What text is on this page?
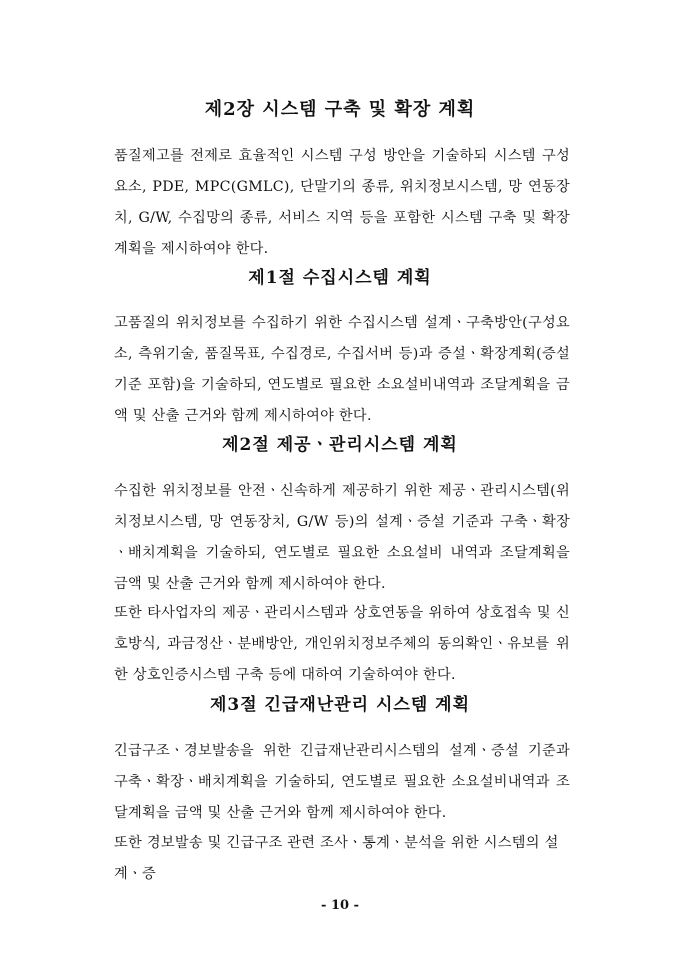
제2장 시스템 구축 및 확장 계획

품질제고를 전제로 효율적인 시스템 구성 방안을 기술하되 시스템 구성요소, PDE, MPC(GMLC), 단말기의 종류, 위치정보시스템, 망 연동장치, G/W, 수집망의 종류, 서비스 지역 등을 포함한 시스템 구축 및 확장 계획을 제시하여야 한다.

제1절 수집시스템 계획

고품질의 위치정보를 수집하기 위한 수집시스템 설계ㆍ구축방안(구성요소, 측위기술, 품질목표, 수집경로, 수집서버 등)과 증설ㆍ확장계획(증설기준 포함)을 기술하되, 연도별로 필요한 소요설비내역과 조달계획을 금액 및 산출 근거와 함께 제시하여야 한다.

제2절 제공ㆍ관리시스템 계획

수집한 위치정보를 안전ㆍ신속하게 제공하기 위한 제공ㆍ관리시스템(위치정보시스템, 망 연동장치, G/W 등)의 설계ㆍ증설 기준과 구축ㆍ확장ㆍ배치계획을 기술하되, 연도별로 필요한 소요설비 내역과 조달계획을 금액 및 산출 근거와 함께 제시하여야 한다.

또한 타사업자의 제공ㆍ관리시스템과 상호연동을 위하여 상호접속 및 신호방식, 과금정산ㆍ분배방안, 개인위치정보주체의 동의확인ㆍ유보를 위한 상호인증시스템 구축 등에 대하여 기술하여야 한다.

제3절 긴급재난관리 시스템 계획

긴급구조ㆍ경보발송을 위한 긴급재난관리시스템의 설계ㆍ증설 기준과 구축ㆍ확장ㆍ배치계획을 기술하되, 연도별로 필요한 소요설비내역과 조달계획을 금액 및 산출 근거와 함께 제시하여야 한다.

또한 경보발송 및 긴급구조 관련 조사ㆍ통계ㆍ분석을 위한 시스템의 설계ㆍ증

- 10 -
